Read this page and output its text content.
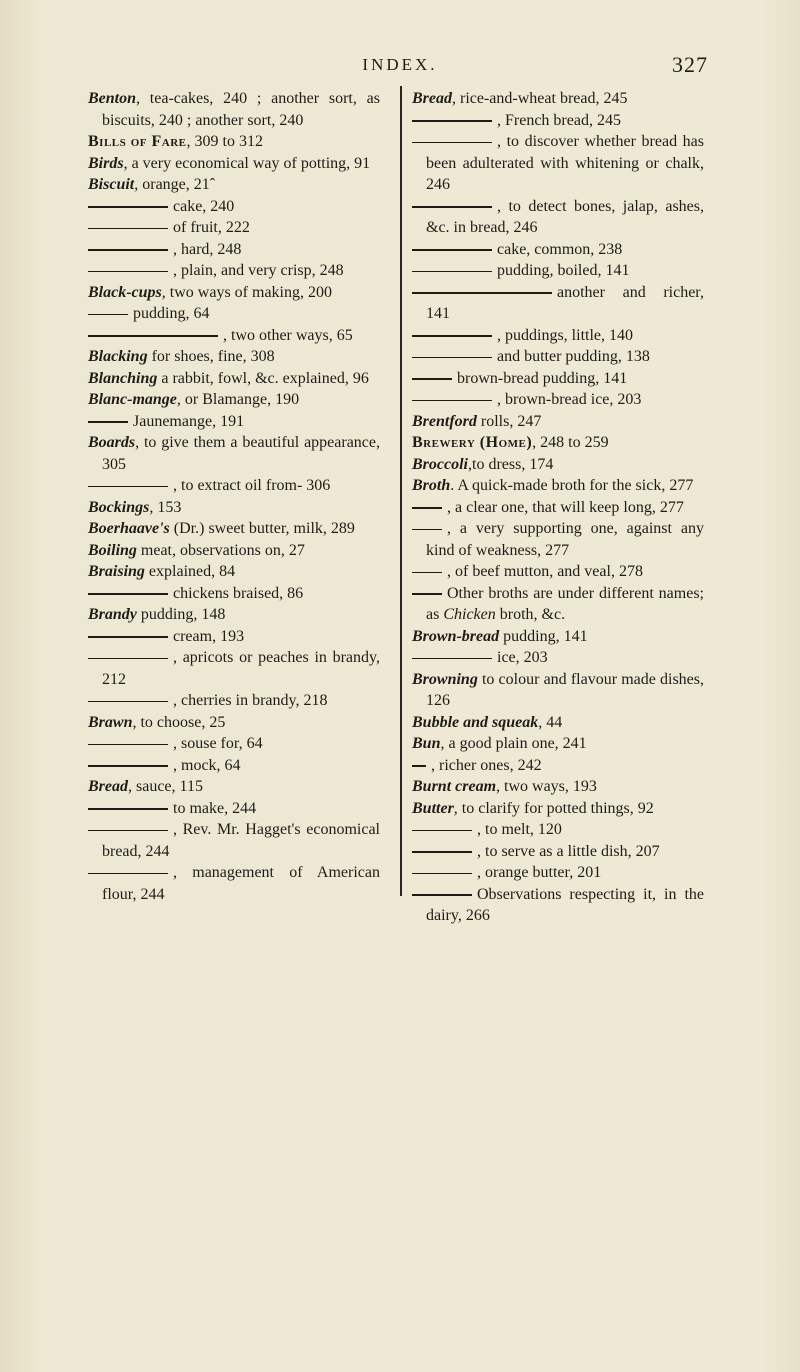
INDEX.	327

Benton, tea-cakes, 240 ; another sort, as biscuits, 240 ; another sort, 240

Bills of Fare, 309 to 312

Birds, a very economical way of potting, 91

Biscuit, orange, 21ˆ

cake, 240

of fruit, 222

, hard, 248

, plain, and very crisp, 248

Black-cups, two ways of making, 200

pudding, 64

, two other ways, 65

Blacking for shoes, fine, 308

Blanching a rabbit, fowl, &c. explained, 96

Blanc-mange, or Blamange, 190

Jaunemange, 191

Boards, to give them a beautiful appearance, 305

, to extract oil from- 306

Bockings, 153

Boerhaave's (Dr.) sweet butter, milk, 289

Boiling meat, observations on, 27

Braising explained, 84

chickens braised, 86

Brandy pudding, 148

cream, 193

, apricots or peaches in brandy, 212

, cherries in brandy, 218

Brawn, to choose, 25

, souse for, 64

, mock, 64

Bread, sauce, 115

to make, 244

, Rev. Mr. Hagget's economical bread, 244

, management of American flour, 244

Bread, rice-and-wheat bread, 245

, French bread, 245

, to discover whether bread has been adulterated with whitening or chalk, 246

, to detect bones, jalap, ashes, &c. in bread, 246

cake, common, 238

pudding, boiled, 141

another and richer, 141

, puddings, little, 140

and butter pudding, 138

brown-bread pudding, 141

, brown-bread ice, 203

Brentford rolls, 247

Brewery (Home), 248 to 259

Broccoli,to dress, 174

Broth. A quick-made broth for the sick, 277

, a clear one, that will keep long, 277

, a very supporting one, against any kind of weakness, 277

, of beef mutton, and veal, 278

Other broths are under different names; as Chicken broth, &c.

Brown-bread pudding, 141

ice, 203

Browning to colour and flavour made dishes, 126

Bubble and squeak, 44

Bun, a good plain one, 241

, richer ones, 242

Burnt cream, two ways, 193

Butter, to clarify for potted things, 92

, to melt, 120

, to serve as a little dish, 207

, orange butter, 201

Observations respecting it, in the dairy, 266
